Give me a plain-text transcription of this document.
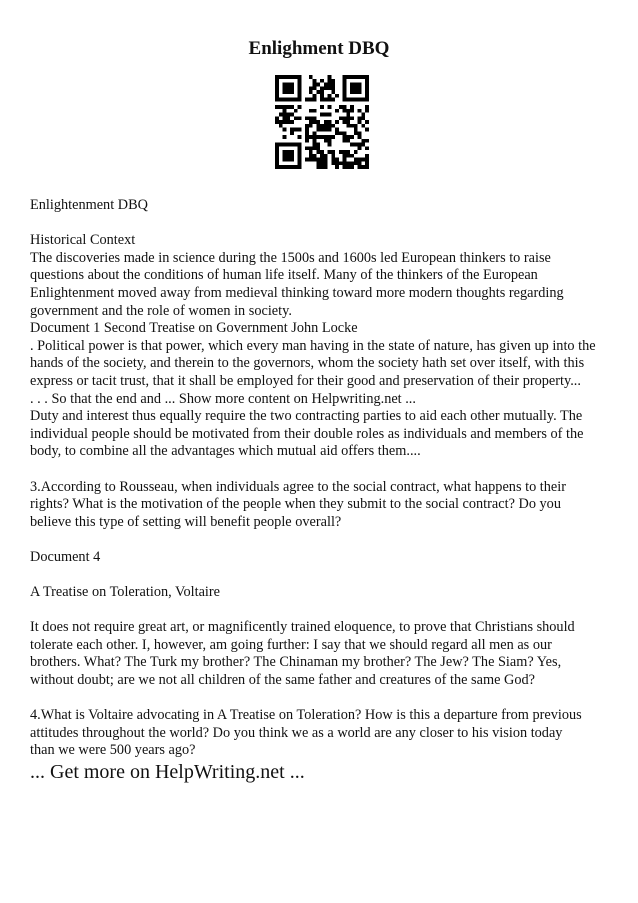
Enlighment DBQ

Enlightenment DBQ

Historical Context

The discoveries made in science during the 1500s and 1600s led European thinkers to raise

questions about the conditions of human life itself. Many of the thinkers of the European

Enlightenment moved away from medieval thinking toward more modern thoughts regarding

government and the role of women in society.

Document 1 Second Treatise on Government John Locke

. Political power is that power, which every man having in the state of nature, has given up into the

hands of the society, and therein to the governors, whom the society hath set over itself, with this

express or tacit trust, that it shall be employed for their good and preservation of their property...

. . . So that the end and ... Show more content on Helpwriting.net ...

Duty and interest thus equally require the two contracting parties to aid each other mutually. The

individual people should be motivated from their double roles as individuals and members of the

body, to combine all the advantages which mutual aid offers them....

3.According to Rousseau, when individuals agree to the social contract, what happens to their

rights? What is the motivation of the people when they submit to the social contract? Do you

believe this type of setting will benefit people overall?

Document 4

A Treatise on Toleration, Voltaire

It does not require great art, or magnificently trained eloquence, to prove that Christians should

tolerate each other. I, however, am going further: I say that we should regard all men as our

brothers. What? The Turk my brother? The Chinaman my brother? The Jew? The Siam? Yes,

without doubt; are we not all children of the same father and creatures of the same God?

4.What is Voltaire advocating in A Treatise on Toleration? How is this a departure from previous

attitudes throughout the world? Do you think we as a world are any closer to his vision today

than we were 500 years ago?

... Get more on HelpWriting.net ...
